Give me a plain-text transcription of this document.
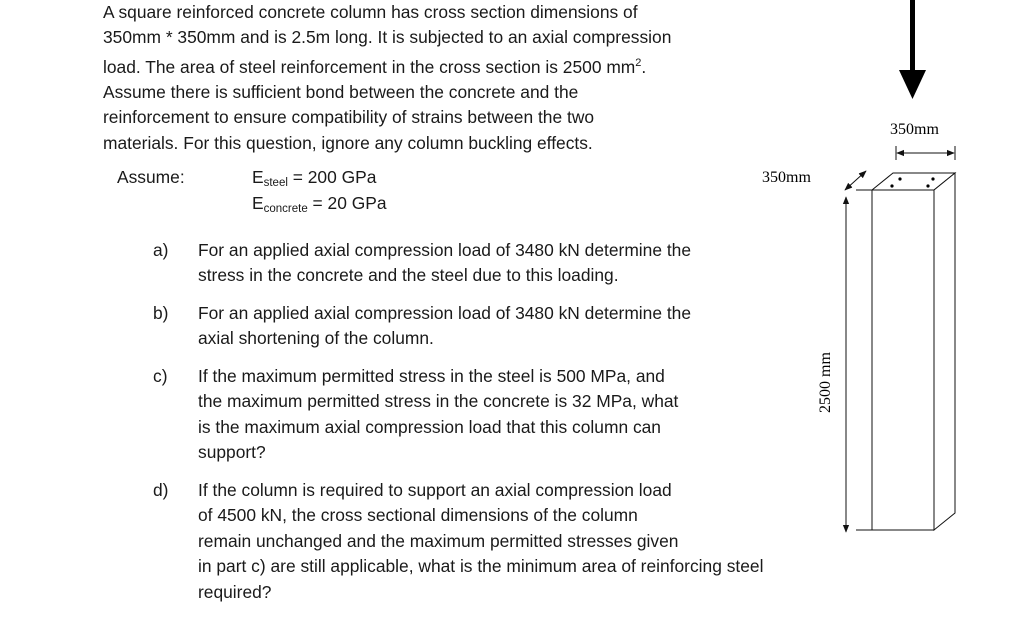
A square reinforced concrete column has cross section dimensions of

350mm * 350mm and is 2.5m long. It is subjected to an axial compression

load. The area of steel reinforcement in the cross section is 2500 $mm^2$.

Assume there is sufficient bond between the concrete and the

reinforcement to ensure compatibility of strains between the two

materials. For this question, ignore any column buckling effects.

Assume:	$E_{steel} = 200$ GPa
$E_{concrete} = 20$ GPa
a) For an applied axial compression load of 3480 kN determine the
stress in the concrete and the steel due to this loading.
b) For an applied axial compression load of 3480 kN determine the
axial shortening of the column.
c) If the maximum permitted stress in the steel is 500 MPa, and
the maximum permitted stress in the concrete is 32 MPa, what
is the maximum axial compression load that this column can
support?
d) If the column is required to support an axial compression load
of 4500 kN, the cross sectional dimensions of the column
remain unchanged and the maximum permitted stresses given
in part c) are still applicable, what is the minimum area of reinforcing steel
required?
350mm
350mm
2500 mm
